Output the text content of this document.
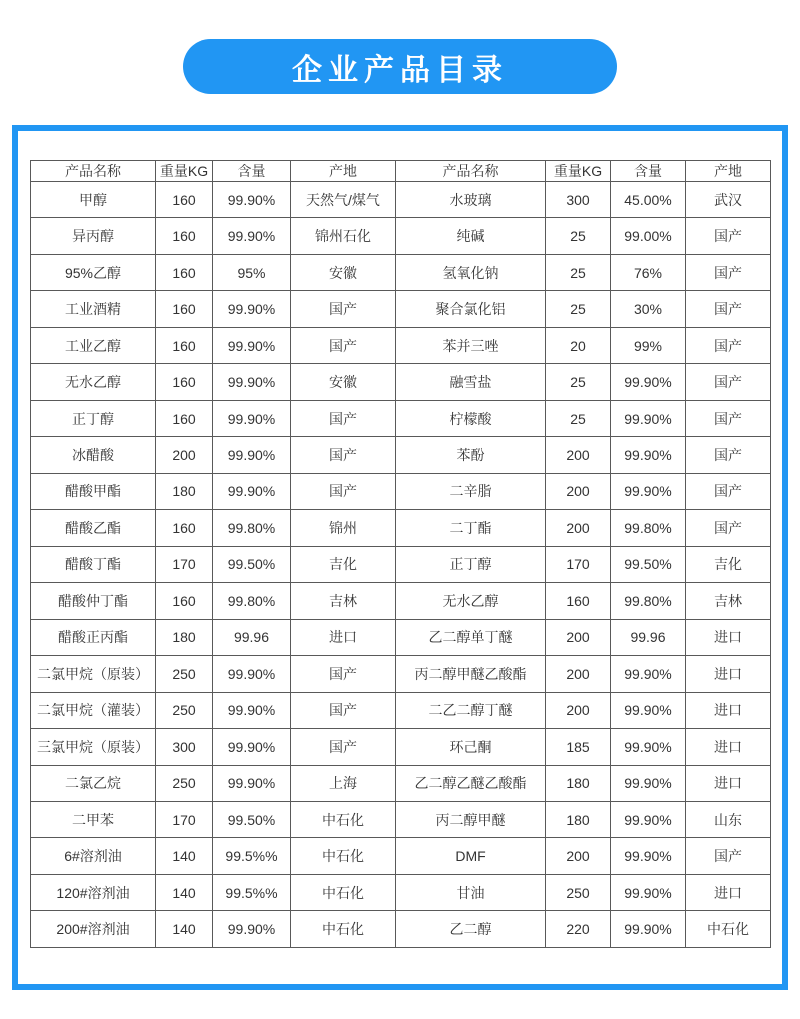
企业产品目录
产品名称	重量KG	含量	产地	产品名称	重量KG	含量	产地
甲醇	160	99.90%	天然气/煤气	水玻璃	300	45.00%	武汉
异丙醇	160	99.90%	锦州石化	纯碱	25	99.00%	国产
95%乙醇	160	95%	安徽	氢氧化钠	25	76%	国产
工业酒精	160	99.90%	国产	聚合氯化铝	25	30%	国产
工业乙醇	160	99.90%	国产	苯并三唑	20	99%	国产
无水乙醇	160	99.90%	安徽	融雪盐	25	99.90%	国产
正丁醇	160	99.90%	国产	柠檬酸	25	99.90%	国产
冰醋酸	200	99.90%	国产	苯酚	200	99.90%	国产
醋酸甲酯	180	99.90%	国产	二辛脂	200	99.90%	国产
醋酸乙酯	160	99.80%	锦州	二丁酯	200	99.80%	国产
醋酸丁酯	170	99.50%	吉化	正丁醇	170	99.50%	吉化
醋酸仲丁酯	160	99.80%	吉林	无水乙醇	160	99.80%	吉林
醋酸正丙酯	180	99.96	进口	乙二醇单丁醚	200	99.96	进口
二氯甲烷（原装）	250	99.90%	国产	丙二醇甲醚乙酸酯	200	99.90%	进口
二氯甲烷（灌装）	250	99.90%	国产	二乙二醇丁醚	200	99.90%	进口
三氯甲烷（原装）	300	99.90%	国产	环己酮	185	99.90%	进口
二氯乙烷	250	99.90%	上海	乙二醇乙醚乙酸酯	180	99.90%	进口
二甲苯	170	99.50%	中石化	丙二醇甲醚	180	99.90%	山东
6#溶剂油	140	99.5%%	中石化	DMF	200	99.90%	国产
120#溶剂油	140	99.5%%	中石化	甘油	250	99.90%	进口
200#溶剂油	140	99.90%	中石化	乙二醇	220	99.90%	中石化
